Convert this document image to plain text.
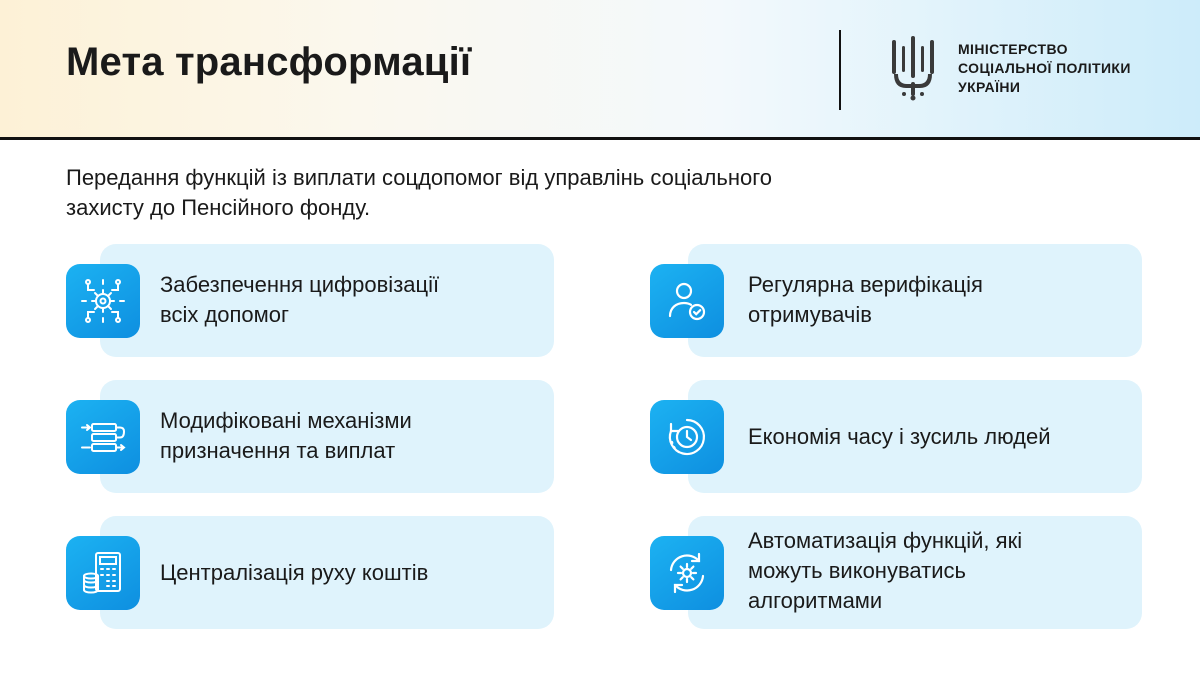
Мета трансформації	МІНІСТЕРСТВО
СОЦІАЛЬНОЇ ПОЛІТИКИ
УКРАЇНИ
Передання функцій із виплати соцдопомог від управлінь соціального
захисту до Пенсійного фонду.
Забезпечення цифровізації
всіх допомог
Регулярна верифікація
отримувачів
Модифіковані механізми
призначення та виплат
Економія часу і зусиль людей
Централізація руху коштів
Автоматизація функцій, які
можуть виконуватись
алгоритмами
